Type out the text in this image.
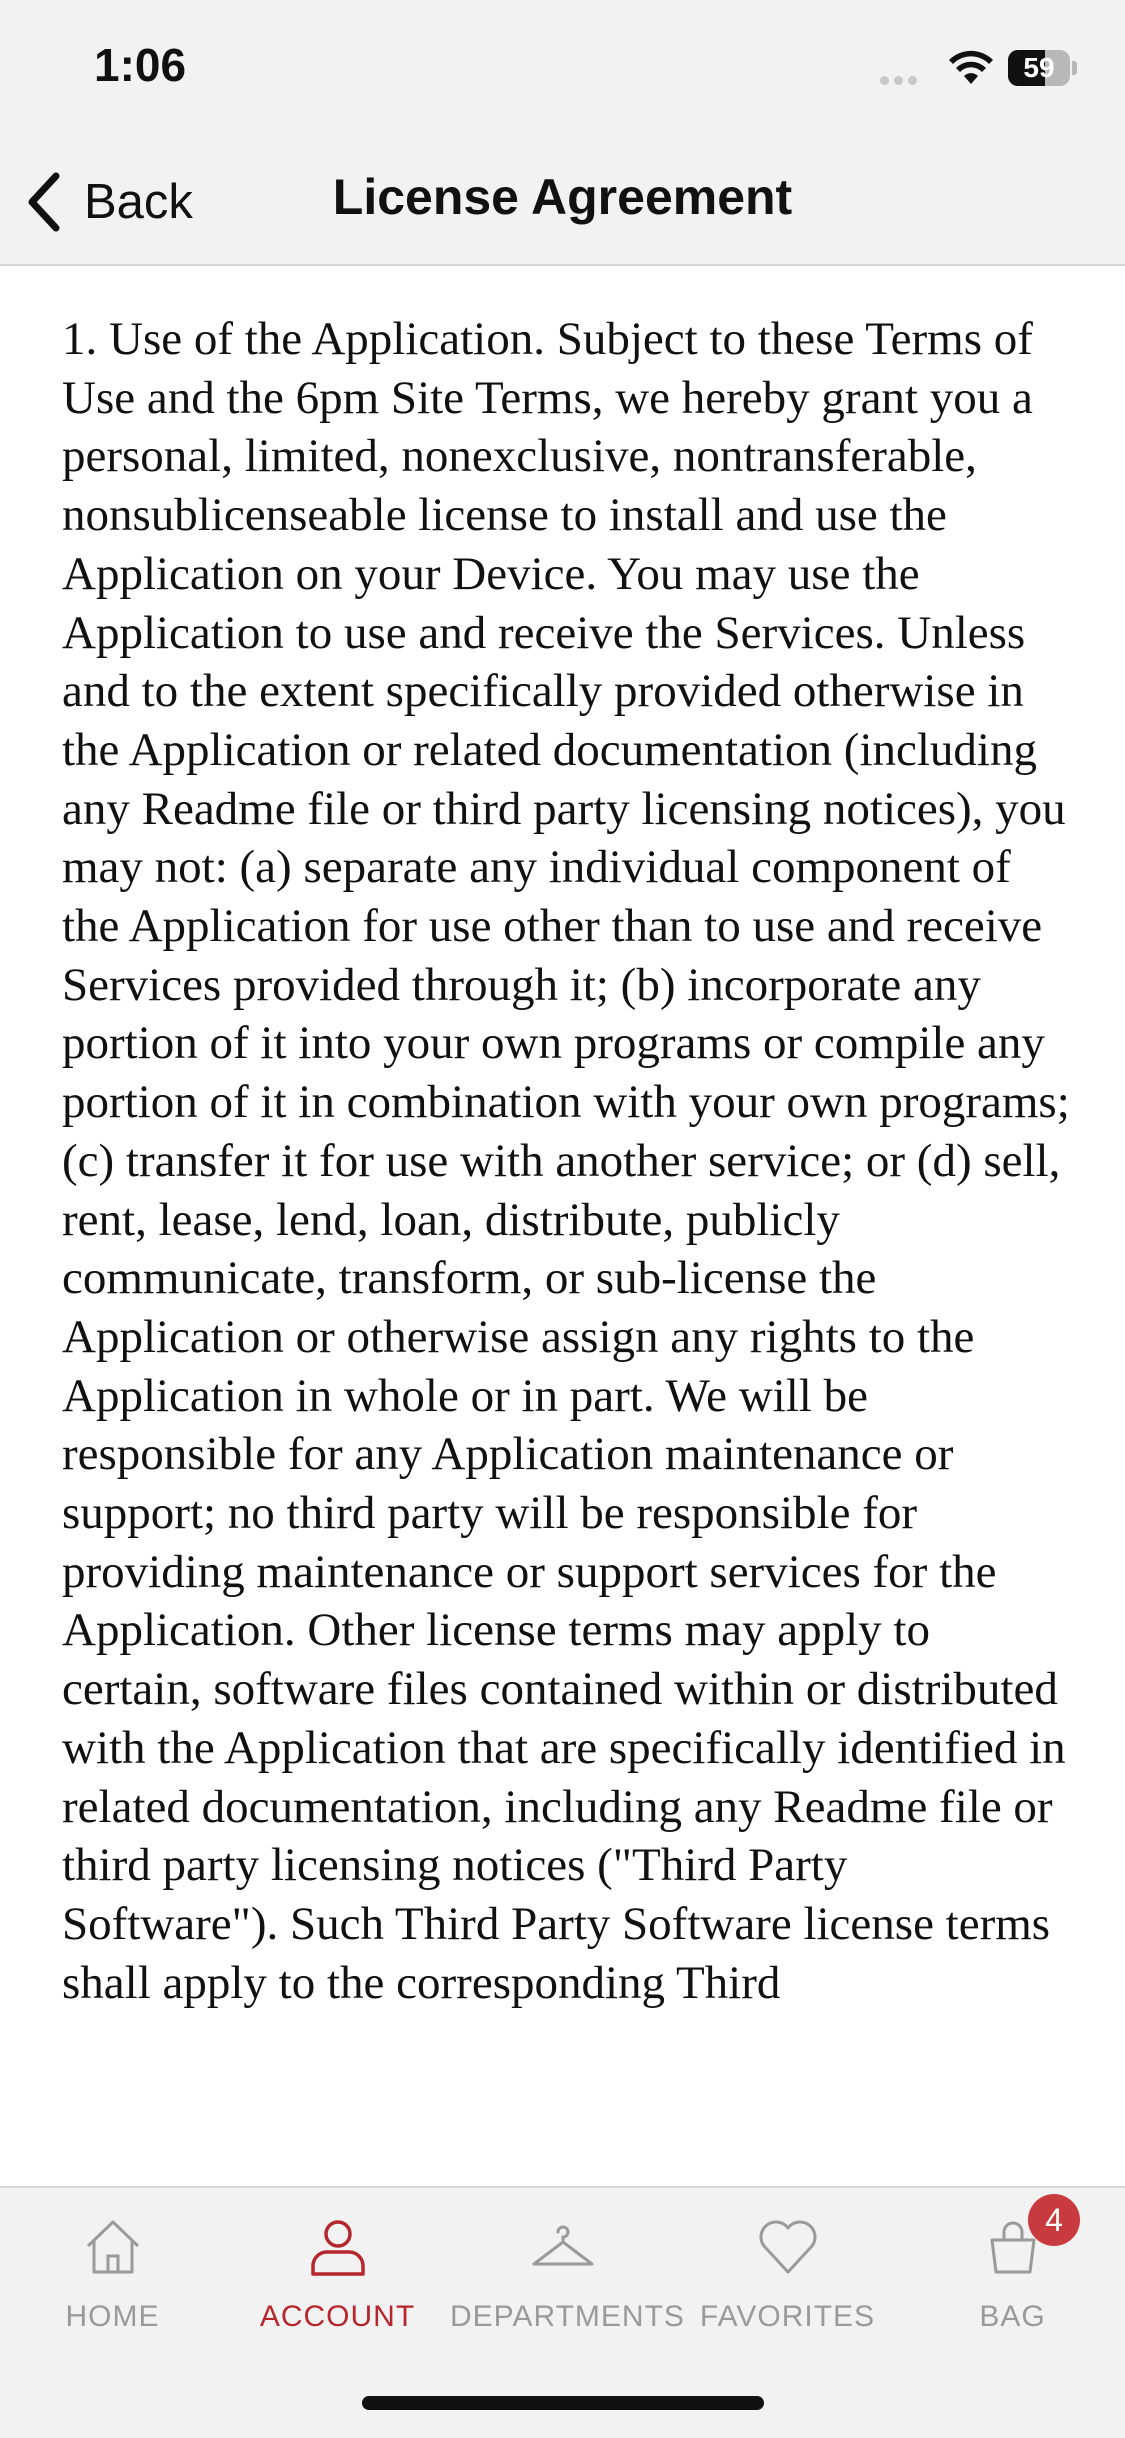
1:06	59
Back	License Agreement

1. Use of the Application. Subject to these Terms of Use and the 6pm Site Terms, we hereby grant you a personal, limited, nonexclusive, nontransferable, nonsublicenseable license to install and use the Application on your Device. You may use the Application to use and receive the Services. Unless and to the extent specifically provided otherwise in the Application or related documentation (including any Readme file or third party licensing notices), you may not: (a) separate any individual component of the Application for use other than to use and receive Services provided through it; (b) incorporate any portion of it into your own programs or compile any portion of it in combination with your own programs; (c) transfer it for use with another service; or (d) sell, rent, lease, lend, loan, distribute, publicly communicate, transform, or sub-license the Application or otherwise assign any rights to the Application in whole or in part. We will be responsible for any Application maintenance or support; no third party will be responsible for providing maintenance or support services for the Application. Other license terms may apply to certain, software files contained within or distributed with the Application that are specifically identified in related documentation, including any Readme file or third party licensing notices ("Third Party Software"). Such Third Party Software license terms shall apply to the corresponding Third

HOME	ACCOUNT	DEPARTMENTS FAVORITES	BAG
4
